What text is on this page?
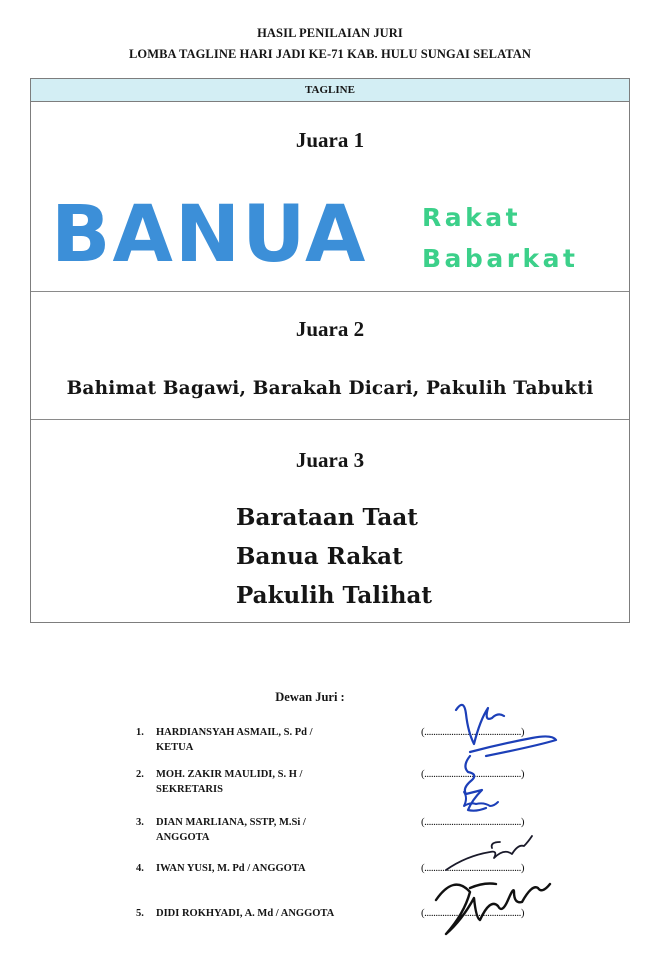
HASIL PENILAIAN JURI
LOMBA TAGLINE HARI JADI KE-71 KAB. HULU SUNGAI SELATAN
TAGLINE
Juara 1
BANUA Rakat
Babarkat
Juara 2
Bahimat Bagawi, Barakah Dicari, Pakulih Tabukti
Juara 3
Barataan Taat
Banua Rakat
Pakulih Talihat
Dewan Juri :
1.	HARDIANSYAH ASMAIL, S. Pd /
KETUA
(...........................................)
2.	MOH. ZAKIR MAULIDI, S. H /
SEKRETARIS
(...........................................)
3.	DIAN MARLIANA, SSTP, M.Si /
ANGGOTA
(...........................................)
4.	IWAN YUSI, M. Pd / ANGGOTA	(...........................................)
5.	DIDI ROKHYADI, A. Md / ANGGOTA	(...........................................)
